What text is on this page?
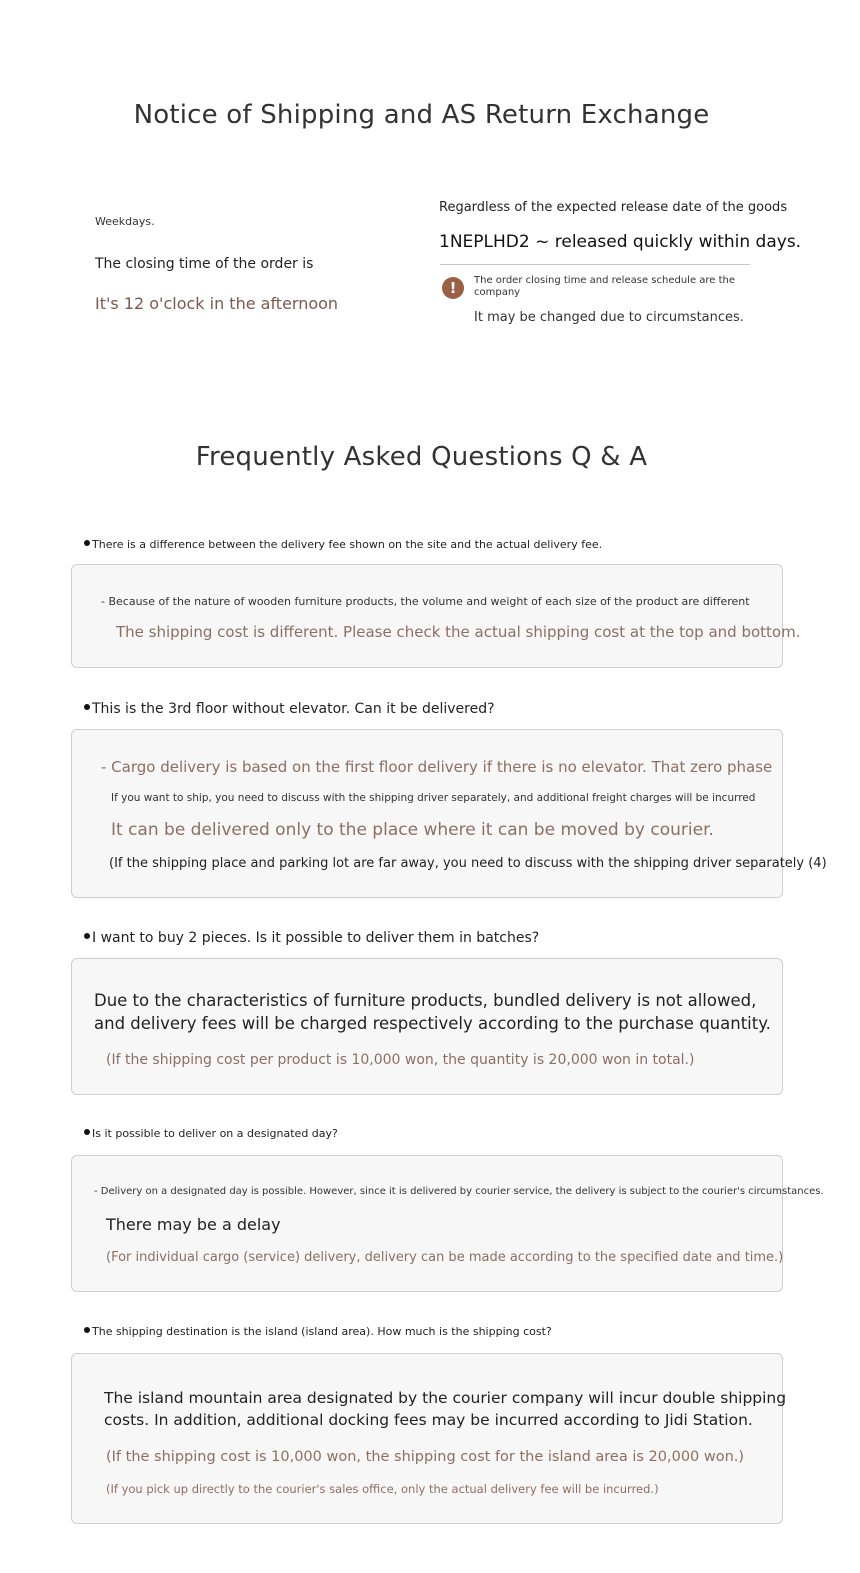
Notice of Shipping and AS Return Exchange
Weekdays.
The closing time of the order is
It's 12 o'clock in the afternoon
Regardless of the expected release date of the goods
1NEPLHD2 ~ released quickly within days.
!	The order closing time and release schedule are the
company
It may be changed due to circumstances.
Frequently Asked Questions Q & A
There is a difference between the delivery fee shown on the site and the actual delivery fee.
- Because of the nature of wooden furniture products, the volume and weight of each size of the product are different
The shipping cost is different. Please check the actual shipping cost at the top and bottom.
This is the 3rd floor without elevator. Can it be delivered?
- Cargo delivery is based on the first floor delivery if there is no elevator. That zero phase
If you want to ship, you need to discuss with the shipping driver separately, and additional freight charges will be incurred
It can be delivered only to the place where it can be moved by courier.
(If the shipping place and parking lot are far away, you need to discuss with the shipping driver separately (4)
I want to buy 2 pieces. Is it possible to deliver them in batches?
Due to the characteristics of furniture products, bundled delivery is not allowed,
and delivery fees will be charged respectively according to the purchase quantity.
(If the shipping cost per product is 10,000 won, the quantity is 20,000 won in total.)
Is it possible to deliver on a designated day?
- Delivery on a designated day is possible. However, since it is delivered by courier service, the delivery is subject to the courier's circumstances.
There may be a delay
(For individual cargo (service) delivery, delivery can be made according to the specified date and time.)
The shipping destination is the island (island area). How much is the shipping cost?
The island mountain area designated by the courier company will incur double shipping
costs. In addition, additional docking fees may be incurred according to Jidi Station.
(If the shipping cost is 10,000 won, the shipping cost for the island area is 20,000 won.)
(If you pick up directly to the courier's sales office, only the actual delivery fee will be incurred.)
